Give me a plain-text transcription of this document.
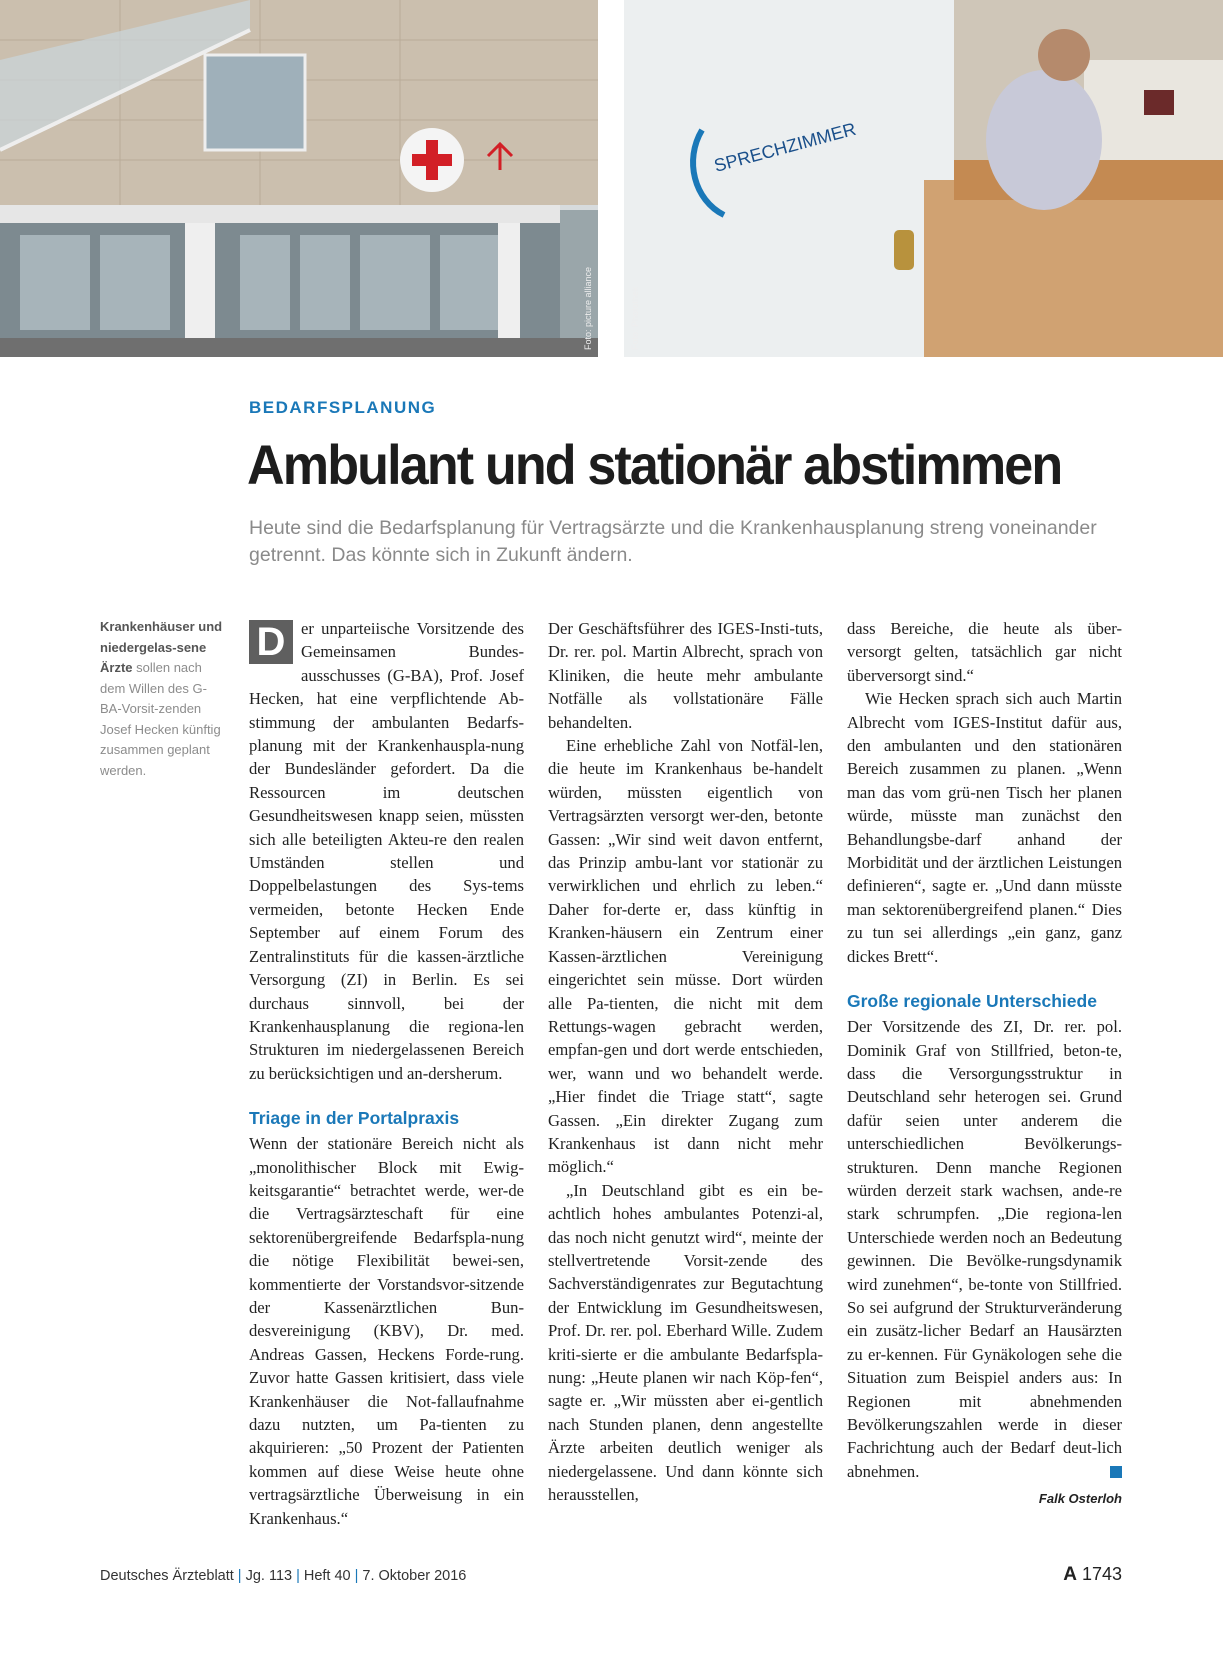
Foto: picture alliance
SPRECHZIMMER
Foto: Photothek
BEDARFSPLANUNG
Ambulant und stationär abstimmen
Heute sind die Bedarfsplanung für Vertragsärzte und die Krankenhausplanung streng voneinander getrennt. Das könnte sich in Zukunft ändern.
Krankenhäuser und niedergelas-sene Ärzte sollen nach dem Willen des G-BA-Vorsit-zenden Josef Hecken künftig zusammen geplant werden.

D er unparteiische Vorsitzende des Gemeinsamen Bundes-ausschusses (G-BA), Prof. Josef Hecken, hat eine verpflichtende Ab-stimmung der ambulanten Bedarfs-planung mit der Krankenhauspla-nung der Bundesländer gefordert. Da die Ressourcen im deutschen Gesundheitswesen knapp seien, müssten sich alle beteiligten Akteu-re den realen Umständen stellen und Doppelbelastungen des Sys-tems vermeiden, betonte Hecken Ende September auf einem Forum des Zentralinstituts für die kassen-ärztliche Versorgung (ZI) in Berlin. Es sei durchaus sinnvoll, bei der Krankenhausplanung die regiona-len Strukturen im niedergelassenen Bereich zu berücksichtigen und an-dersherum.

Triage in der Portalpraxis

Wenn der stationäre Bereich nicht als „monolithischer Block mit Ewig-keitsgarantie“ betrachtet werde, wer-de die Vertragsärzteschaft für eine sektorenübergreifende Bedarfspla-nung die nötige Flexibilität bewei-sen, kommentierte der Vorstandsvor-sitzende der Kassenärztlichen Bun-desvereinigung (KBV), Dr. med. Andreas Gassen, Heckens Forde-rung. Zuvor hatte Gassen kritisiert, dass viele Krankenhäuser die Not-fallaufnahme dazu nutzten, um Pa-tienten zu akquirieren: „50 Prozent der Patienten kommen auf diese Weise heute ohne vertragsärztliche Überweisung in ein Krankenhaus.“

Der Geschäftsführer des IGES-Insti-tuts, Dr. rer. pol. Martin Albrecht, sprach von Kliniken, die heute mehr ambulante Notfälle als vollstationäre Fälle behandelten.

Eine erhebliche Zahl von Notfäl-len, die heute im Krankenhaus be-handelt würden, müssten eigentlich von Vertragsärzten versorgt wer-den, betonte Gassen: „Wir sind weit davon entfernt, das Prinzip ambu-lant vor stationär zu verwirklichen und ehrlich zu leben.“ Daher for-derte er, dass künftig in Kranken-häusern ein Zentrum einer Kassen-ärztlichen Vereinigung eingerichtet sein müsse. Dort würden alle Pa-tienten, die nicht mit dem Rettungs-wagen gebracht werden, empfan-gen und dort werde entschieden, wer, wann und wo behandelt werde. „Hier findet die Triage statt“, sagte Gassen. „Ein direkter Zugang zum Krankenhaus ist dann nicht mehr möglich.“

„In Deutschland gibt es ein be-achtlich hohes ambulantes Potenzi-al, das noch nicht genutzt wird“, meinte der stellvertretende Vorsit-zende des Sachverständigenrates zur Begutachtung der Entwicklung im Gesundheitswesen, Prof. Dr. rer. pol. Eberhard Wille. Zudem kriti-sierte er die ambulante Bedarfspla-nung: „Heute planen wir nach Köp-fen“, sagte er. „Wir müssten aber ei-gentlich nach Stunden planen, denn angestellte Ärzte arbeiten deutlich weniger als niedergelassene. Und dann könnte sich herausstellen,

dass Bereiche, die heute als über-versorgt gelten, tatsächlich gar nicht überversorgt sind.“

Wie Hecken sprach sich auch Martin Albrecht vom IGES-Institut dafür aus, den ambulanten und den stationären Bereich zusammen zu planen. „Wenn man das vom grü-nen Tisch her planen würde, müsste man zunächst den Behandlungsbe-darf anhand der Morbidität und der ärztlichen Leistungen definieren“, sagte er. „Und dann müsste man sektorenübergreifend planen.“ Dies zu tun sei allerdings „ein ganz, ganz dickes Brett“.

Große regionale Unterschiede

Der Vorsitzende des ZI, Dr. rer. pol. Dominik Graf von Stillfried, beton-te, dass die Versorgungsstruktur in Deutschland sehr heterogen sei. Grund dafür seien unter anderem die unterschiedlichen Bevölkerungs-strukturen. Denn manche Regionen würden derzeit stark wachsen, ande-re stark schrumpfen. „Die regiona-len Unterschiede werden noch an Bedeutung gewinnen. Die Bevölke-rungsdynamik wird zunehmen“, be-tonte von Stillfried. So sei aufgrund der Strukturveränderung ein zusätz-licher Bedarf an Hausärzten zu er-kennen. Für Gynäkologen sehe die Situation zum Beispiel anders aus: In Regionen mit abnehmenden Bevölkerungszahlen werde in dieser Fachrichtung auch der Bedarf deut-lich abnehmen.

Falk Osterloh
Deutsches Ärzteblatt | Jg. 113 | Heft 40 | 7. Oktober 2016	A 1743
